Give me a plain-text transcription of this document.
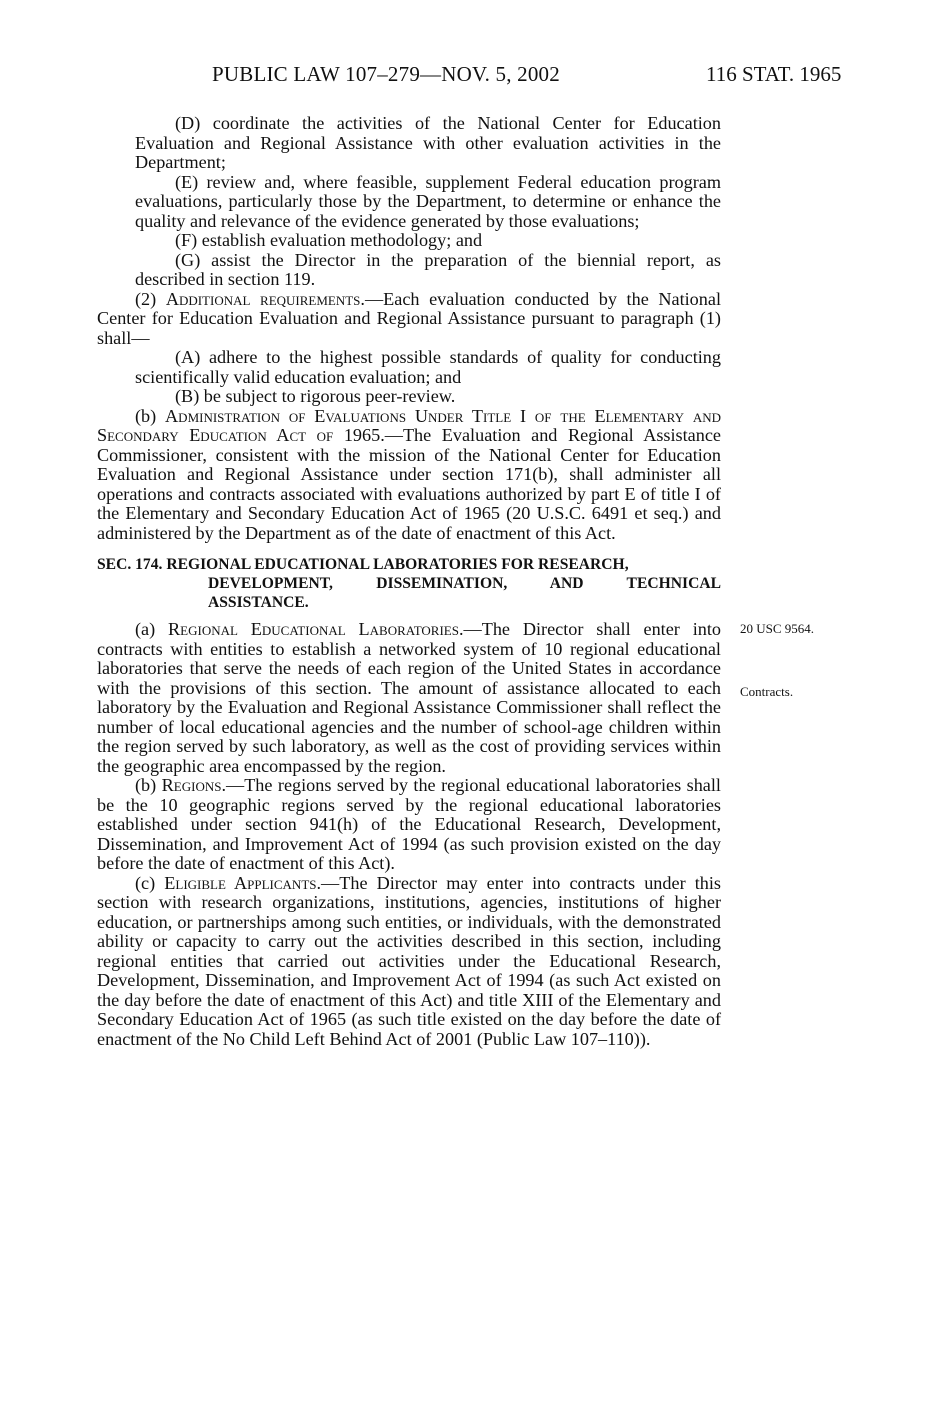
PUBLIC LAW 107–279—NOV. 5, 2002	116 STAT. 1965

(D) coordinate the activities of the National Center for Education Evaluation and Regional Assistance with other evaluation activities in the Department;

(E) review and, where feasible, supplement Federal education program evaluations, particularly those by the Department, to determine or enhance the quality and relevance of the evidence generated by those evaluations;

(F) establish evaluation methodology; and

(G) assist the Director in the preparation of the biennial report, as described in section 119.

(2) Additional requirements.—Each evaluation conducted by the National Center for Education Evaluation and Regional Assistance pursuant to paragraph (1) shall—

(A) adhere to the highest possible standards of quality for conducting scientifically valid education evaluation; and

(B) be subject to rigorous peer-review.

(b) Administration of Evaluations Under Title I of the Elementary and Secondary Education Act of 1965.—The Evaluation and Regional Assistance Commissioner, consistent with the mission of the National Center for Education Evaluation and Regional Assistance under section 171(b), shall administer all operations and contracts associated with evaluations authorized by part E of title I of the Elementary and Secondary Education Act of 1965 (20 U.S.C. 6491 et seq.) and administered by the Department as of the date of enactment of this Act.

SEC. 174. REGIONAL EDUCATIONAL LABORATORIES FOR RESEARCH,
DEVELOPMENT, DISSEMINATION, AND TECHNICAL
ASSISTANCE.

(a) Regional Educational Laboratories.—The Director shall enter into contracts with entities to establish a networked system of 10 regional educational laboratories that serve the needs of each region of the United States in accordance with the provisions of this section. The amount of assistance allocated to each laboratory by the Evaluation and Regional Assistance Commissioner shall reflect the number of local educational agencies and the number of school-age children within the region served by such laboratory, as well as the cost of providing services within the geographic area encompassed by the region.

(b) Regions.—The regions served by the regional educational laboratories shall be the 10 geographic regions served by the regional educational laboratories established under section 941(h) of the Educational Research, Development, Dissemination, and Improvement Act of 1994 (as such provision existed on the day before the date of enactment of this Act).

(c) Eligible Applicants.—The Director may enter into contracts under this section with research organizations, institutions, agencies, institutions of higher education, or partnerships among such entities, or individuals, with the demonstrated ability or capacity to carry out the activities described in this section, including regional entities that carried out activities under the Educational Research, Development, Dissemination, and Improvement Act of 1994 (as such Act existed on the day before the date of enactment of this Act) and title XIII of the Elementary and Secondary Education Act of 1965 (as such title existed on the day before the date of enactment of the No Child Left Behind Act of 2001 (Public Law 107–110)).

20 USC 9564.
Contracts.
